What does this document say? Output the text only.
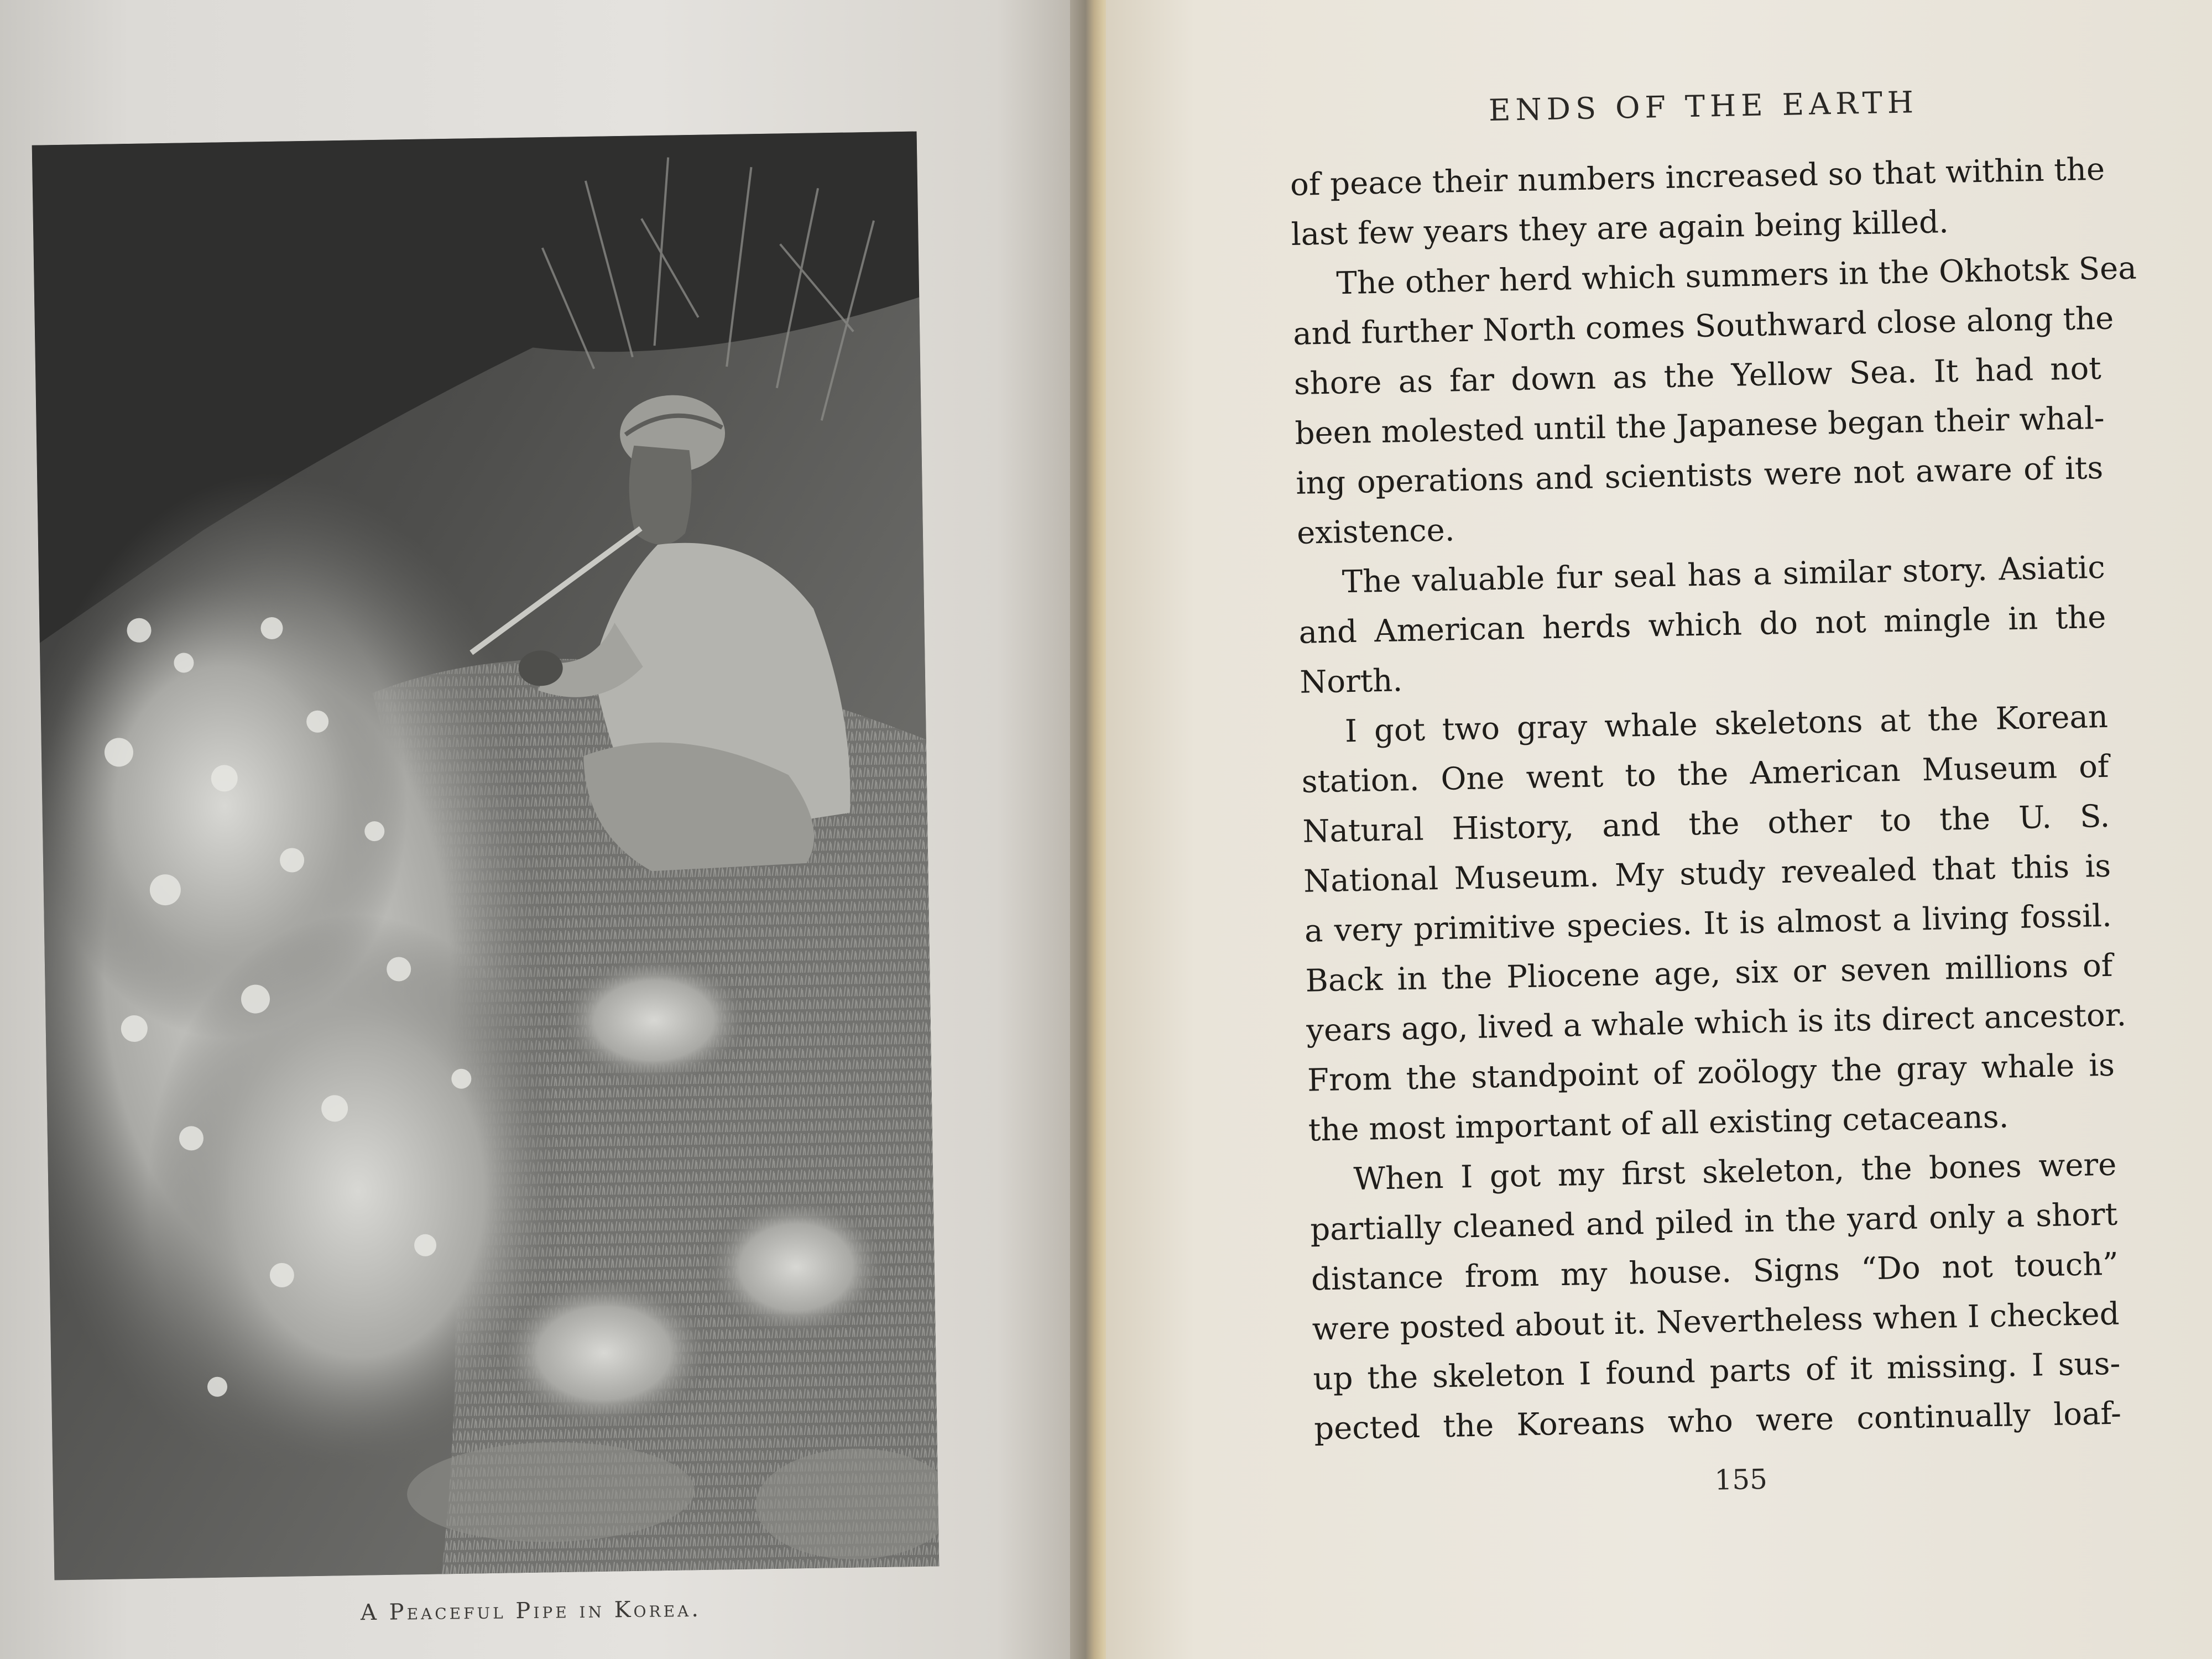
A Peaceful Pipe in Korea.
ENDS OF THE EARTH
of peace their numbers increased so that within the
last few years they are again being killed.
The other herd which summers in the Okhotsk Sea
and further North comes Southward close along the
shore as far down as the Yellow Sea. It had not
been molested until the Japanese began their whal-
ing operations and scientists were not aware of its
existence.
The valuable fur seal has a similar story. Asiatic
and American herds which do not mingle in the
North.
I got two gray whale skeletons at the Korean
station. One went to the American Museum of
Natural History, and the other to the U. S.
National Museum. My study revealed that this is
a very primitive species. It is almost a living fossil.
Back in the Pliocene age, six or seven millions of
years ago, lived a whale which is its direct ancestor.
From the standpoint of zoölogy the gray whale is
the most important of all existing cetaceans.
When I got my first skeleton, the bones were
partially cleaned and piled in the yard only a short
distance from my house. Signs “Do not touch”
were posted about it. Nevertheless when I checked
up the skeleton I found parts of it missing. I sus-
pected the Koreans who were continually loaf-
155
